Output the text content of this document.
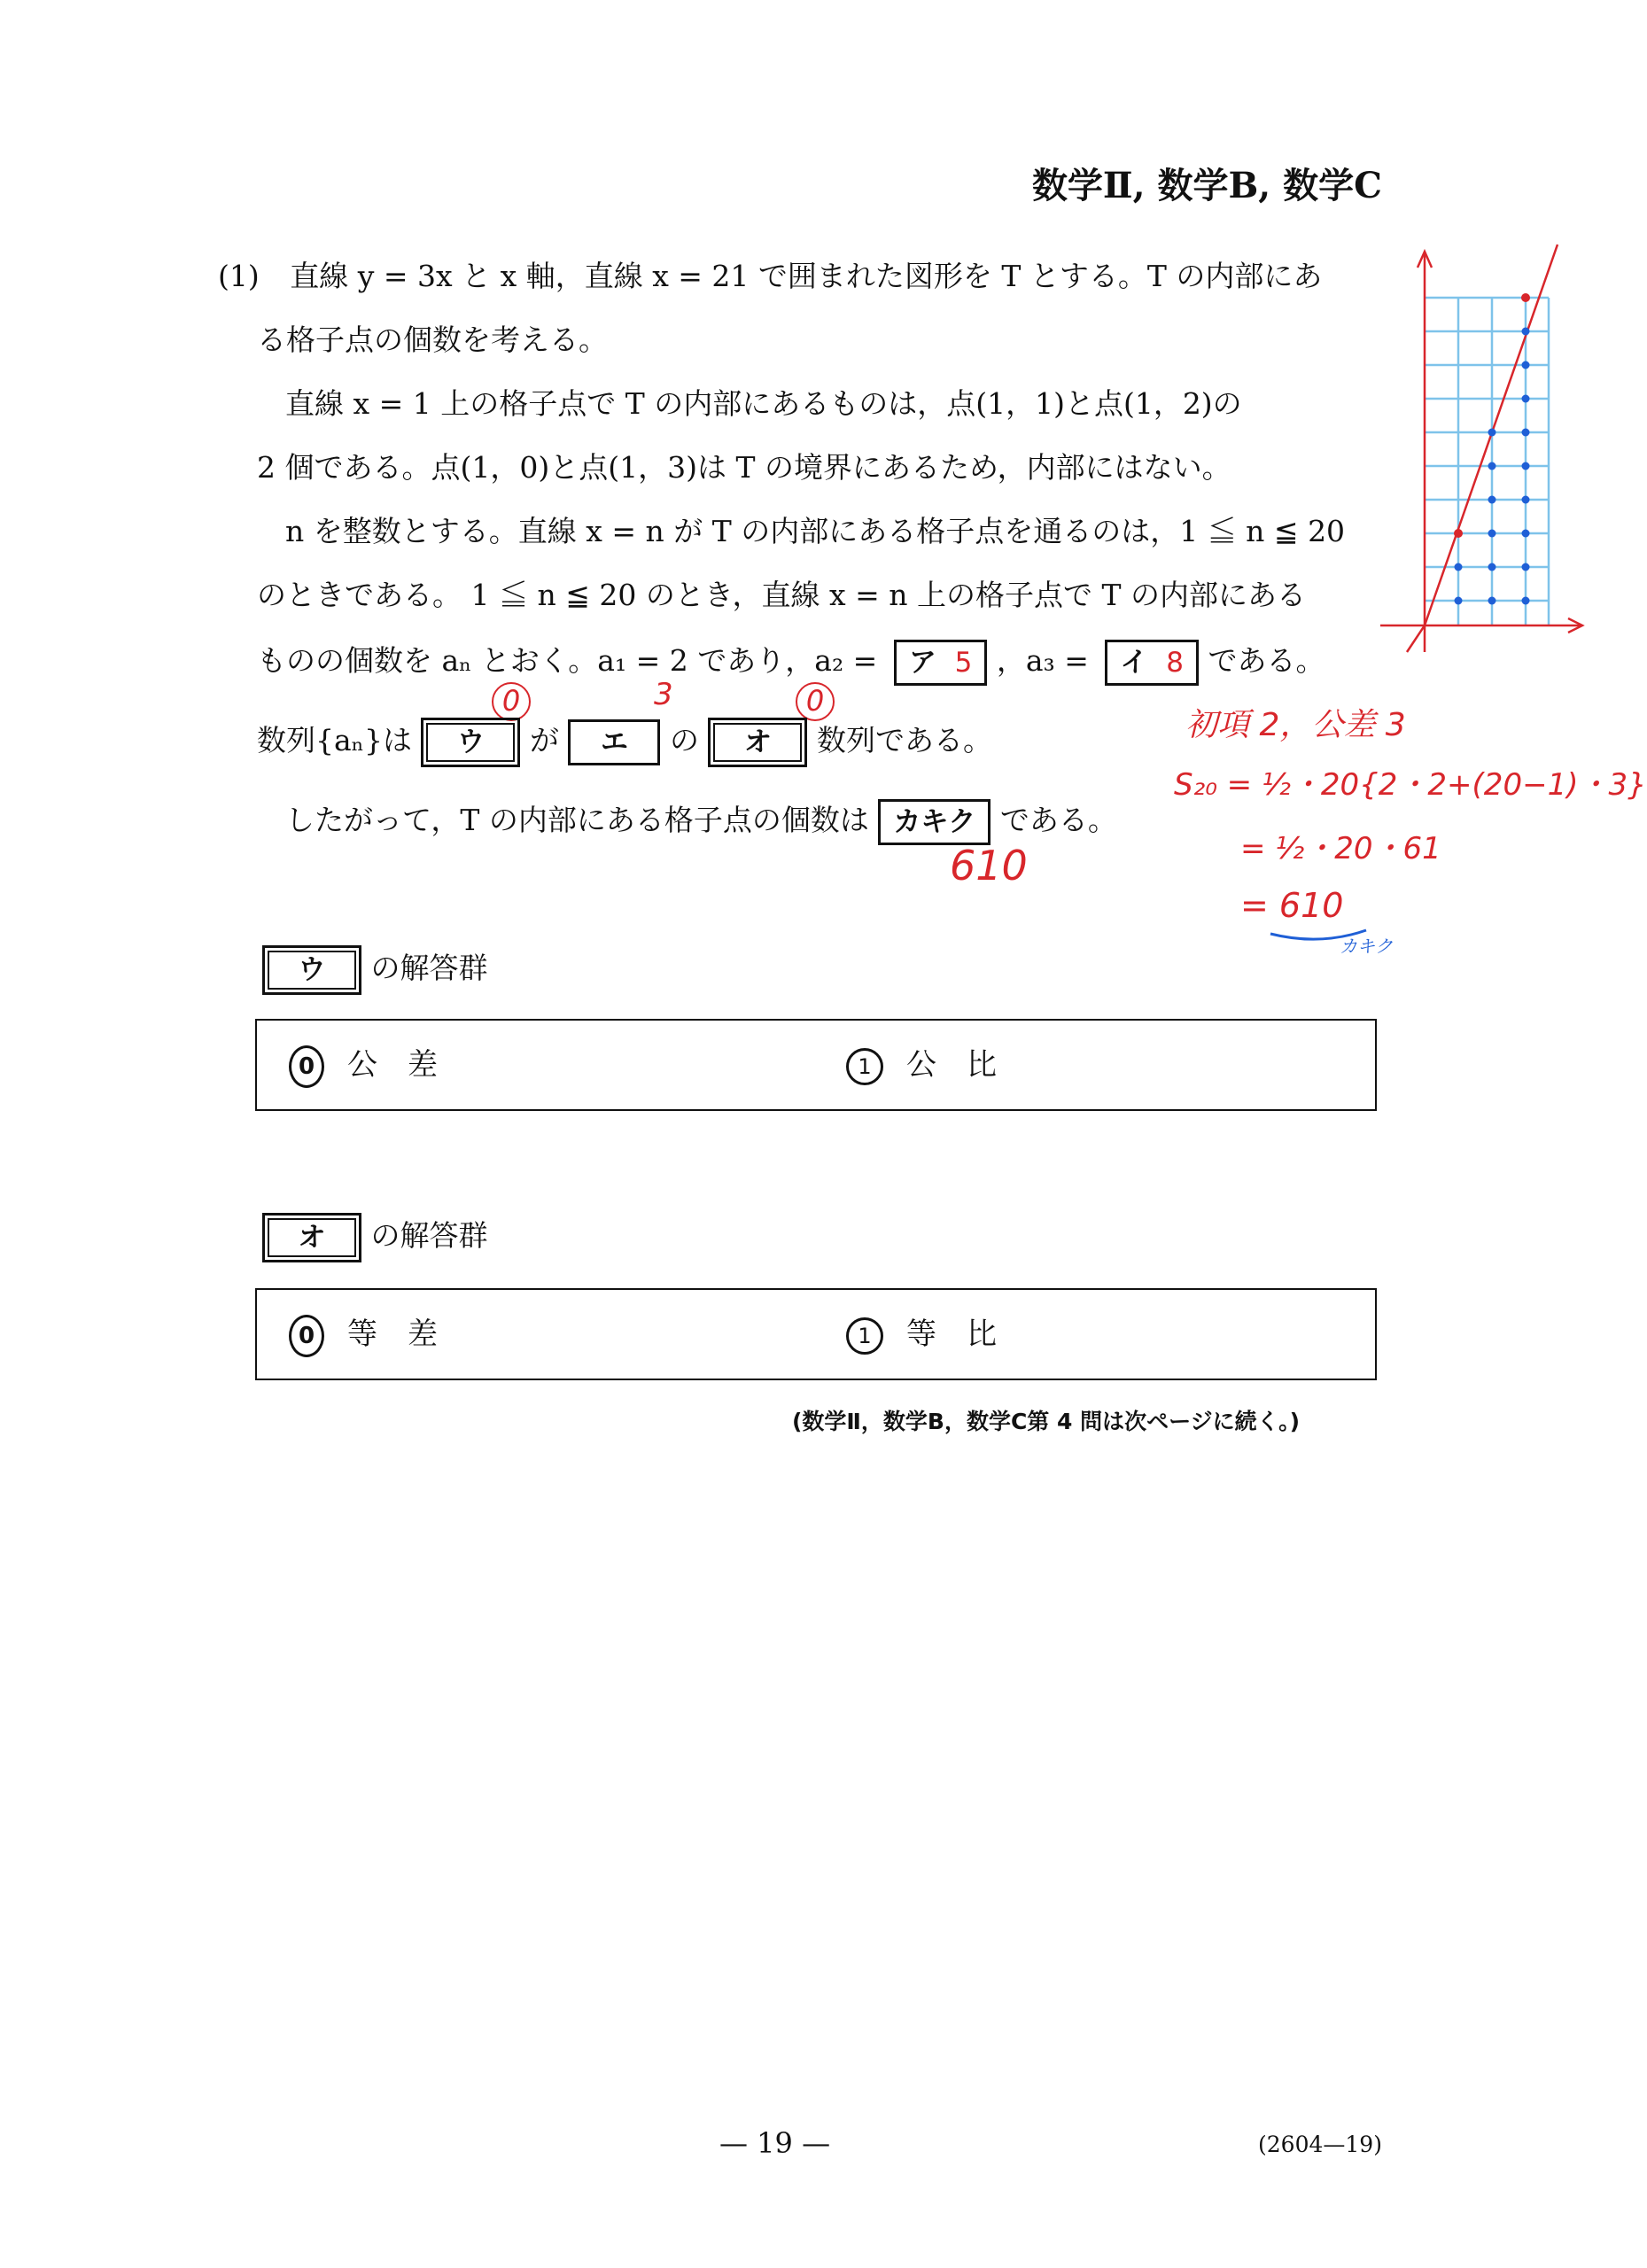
数学Ⅱ, 数学B, 数学C
(1) 直線 y = 3x と x 軸，直線 x = 21 で囲まれた図形を T とする。T の内部にあ
る格子点の個数を考える。
直線 x = 1 上の格子点で T の内部にあるものは，点(1，1)と点(1，2)の
2 個である。点(1，0)と点(1，3)は T の境界にあるため，内部にはない。
n を整数とする。直線 x = n が T の内部にある格子点を通るのは，1 ≦ n ≦ 20
のときである。 1 ≦ n ≦ 20 のとき，直線 x = n 上の格子点で T の内部にある
ものの個数を aₙ とおく。a₁ = 2 であり，a₂ = ア 5 ，a₃ = イ 8 である。
0	3	0
数列{aₙ}は	ウ	が エ の	オ	数列である。
したがって，T の内部にある格子点の個数は カキク である。
610
初項 2，公差 3
S₂₀ = ½・20{2・2+(20−1)・3}
= ½・20・61
= 610
カキク
ウ	の解答群
0 公　差	1 公　比
オ	の解答群
0 等　差	1 等　比
(数学Ⅱ，数学B，数学C第 4 問は次ページに続く。)
— 19 —	(2604—19)
